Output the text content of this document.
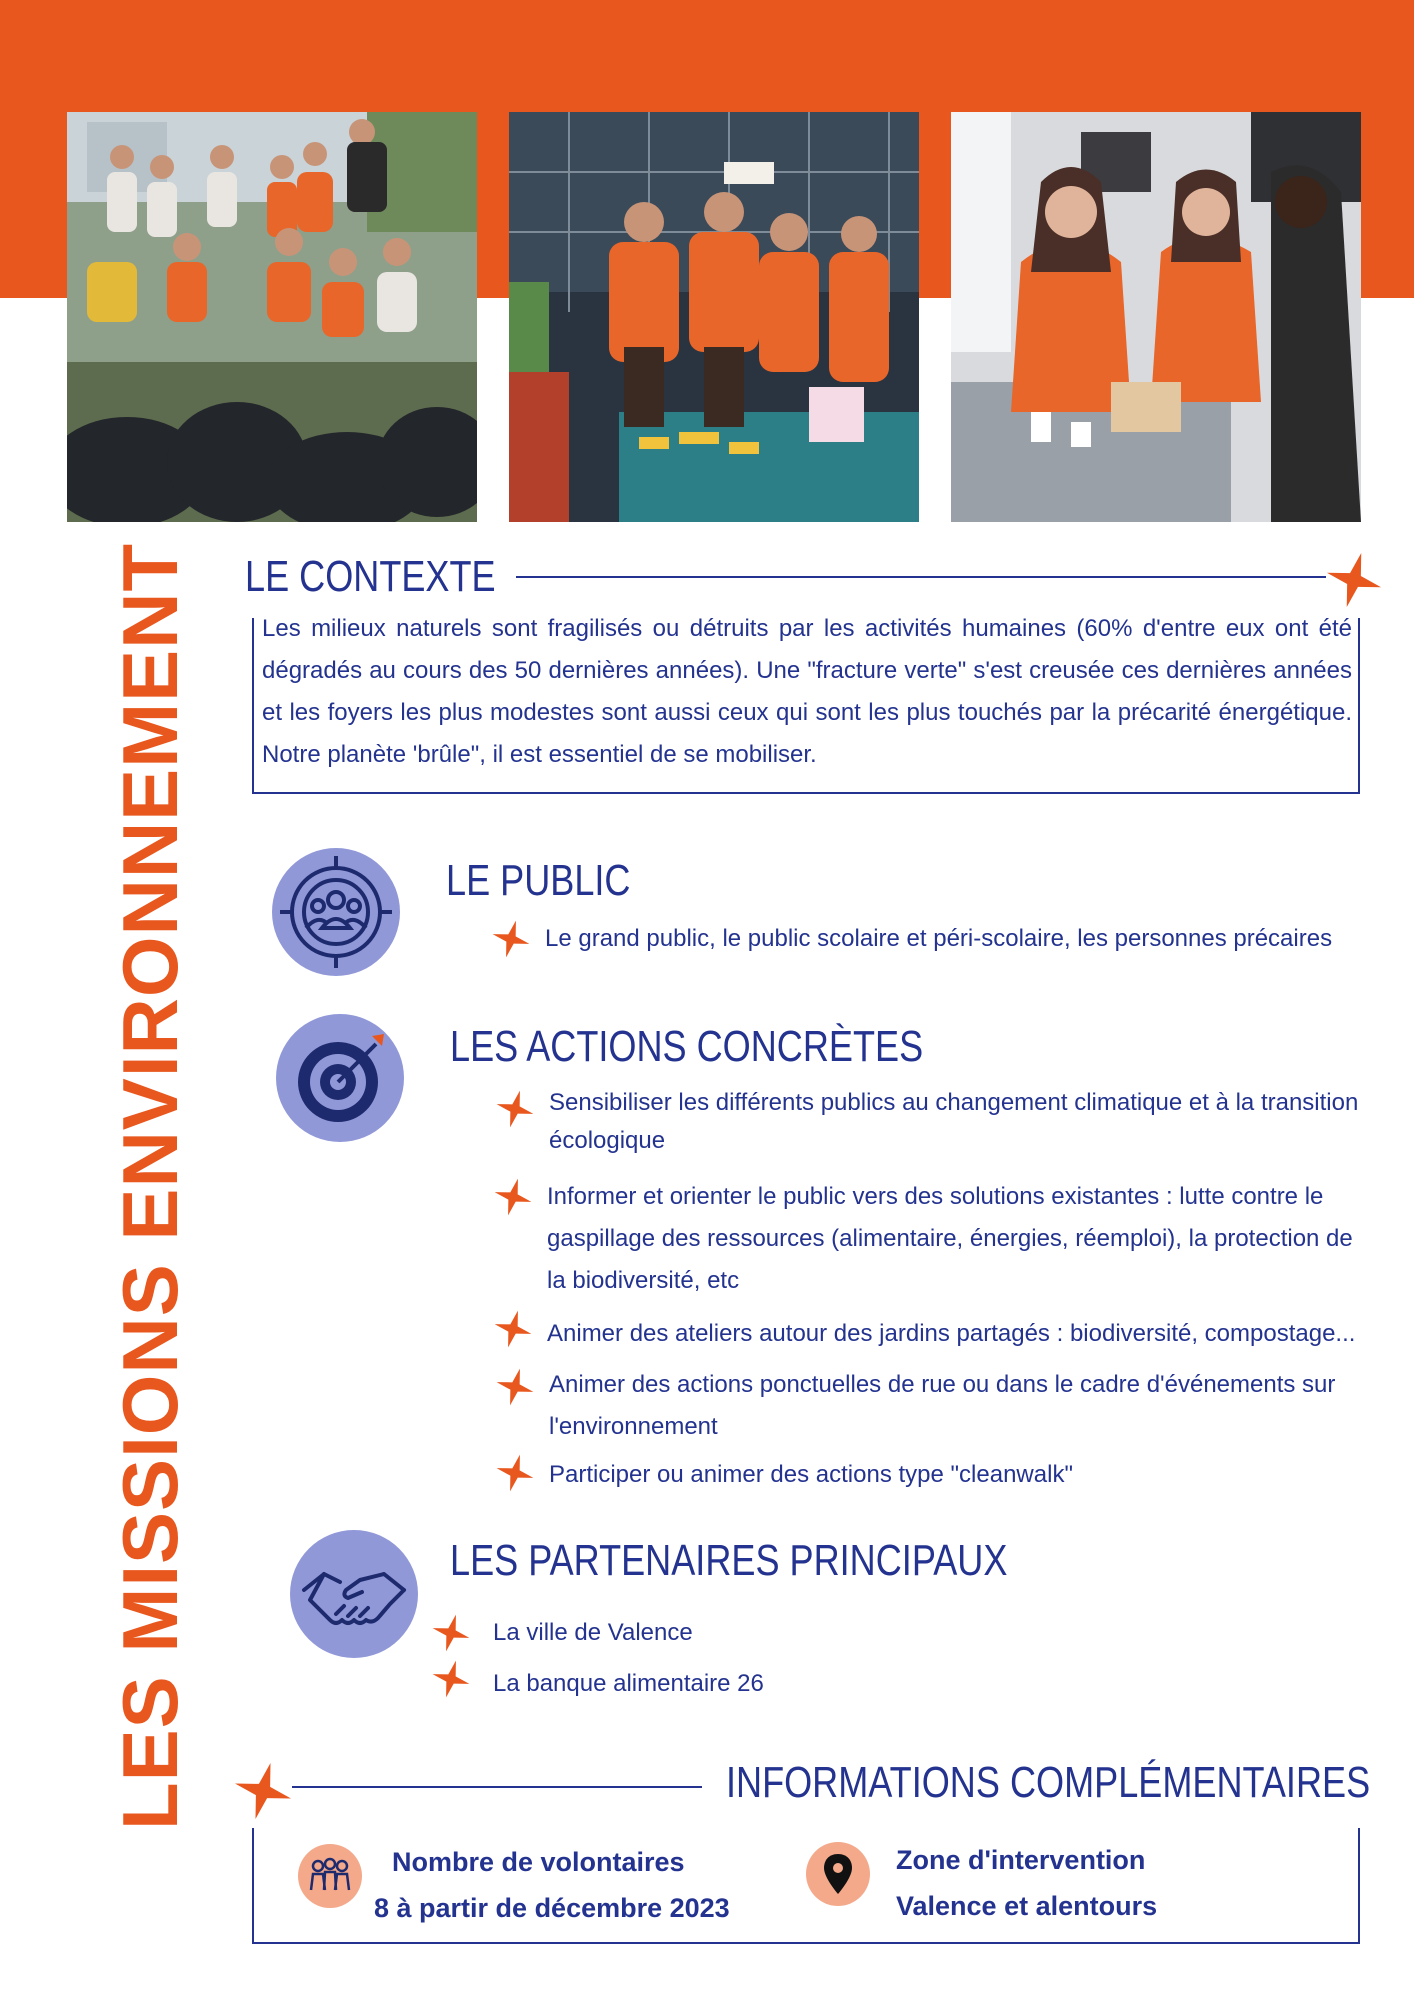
LES MISSIONS ENVIRONNEMENT LE CONTEXTE
Les milieux naturels sont fragilisés ou détruits par les activités humaines (60% d'entre eux ont été dégradés au cours des 50 dernières années). Une "fracture verte" s'est creusée ces dernières années et les foyers les plus modestes sont aussi ceux qui sont les plus touchés par la précarité énergétique. Notre planète 'brûle", il est essentiel de se mobiliser.
LE PUBLIC
Le grand public, le public scolaire et péri-scolaire, les personnes précaires
LES ACTIONS CONCRÈTES
Sensibiliser les différents publics au changement climatique et à la transition écologique
Informer et orienter le public vers des solutions existantes : lutte contre le gaspillage des ressources (alimentaire, énergies, réemploi), la protection de la biodiversité, etc
Animer des ateliers autour des jardins partagés : biodiversité, compostage...
Animer des actions ponctuelles de rue ou dans le cadre d'événements sur l'environnement
Participer ou animer des actions type "cleanwalk"
LES PARTENAIRES PRINCIPAUX
La ville de Valence
La banque alimentaire 26
INFORMATIONS COMPLÉMENTAIRES
Nombre de volontaires
8 à partir de décembre 2023
Zone d'intervention
Valence et alentours
